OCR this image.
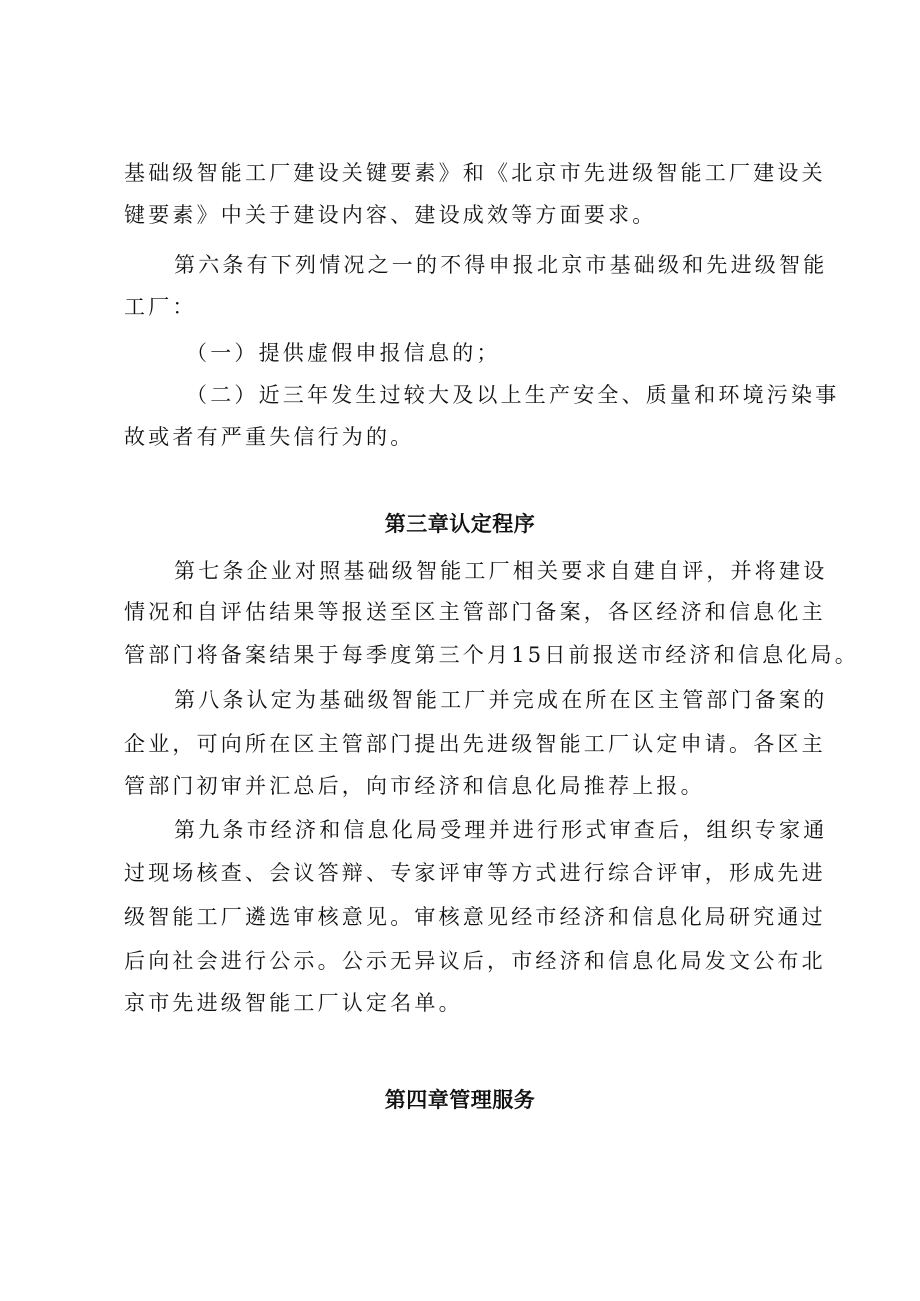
基础级智能工厂建设关键要素》和《北京市先进级智能工厂建设关
键要素》中关于建设内容、建设成效等方面要求。
第六条有下列情况之一的不得申报北京市基础级和先进级智能
工厂：
（一）提供虚假申报信息的；
（二）近三年发生过较大及以上生产安全、质量和环境污染事
故或者有严重失信行为的。
第三章认定程序
第七条企业对照基础级智能工厂相关要求自建自评，并将建设
情况和自评估结果等报送至区主管部门备案，各区经济和信息化主
管部门将备案结果于每季度第三个月15日前报送市经济和信息化局。
第八条认定为基础级智能工厂并完成在所在区主管部门备案的
企业，可向所在区主管部门提出先进级智能工厂认定申请。各区主
管部门初审并汇总后，向市经济和信息化局推荐上报。
第九条市经济和信息化局受理并进行形式审查后，组织专家通
过现场核查、会议答辩、专家评审等方式进行综合评审，形成先进
级智能工厂遴选审核意见。审核意见经市经济和信息化局研究通过
后向社会进行公示。公示无异议后，市经济和信息化局发文公布北
京市先进级智能工厂认定名单。
第四章管理服务
